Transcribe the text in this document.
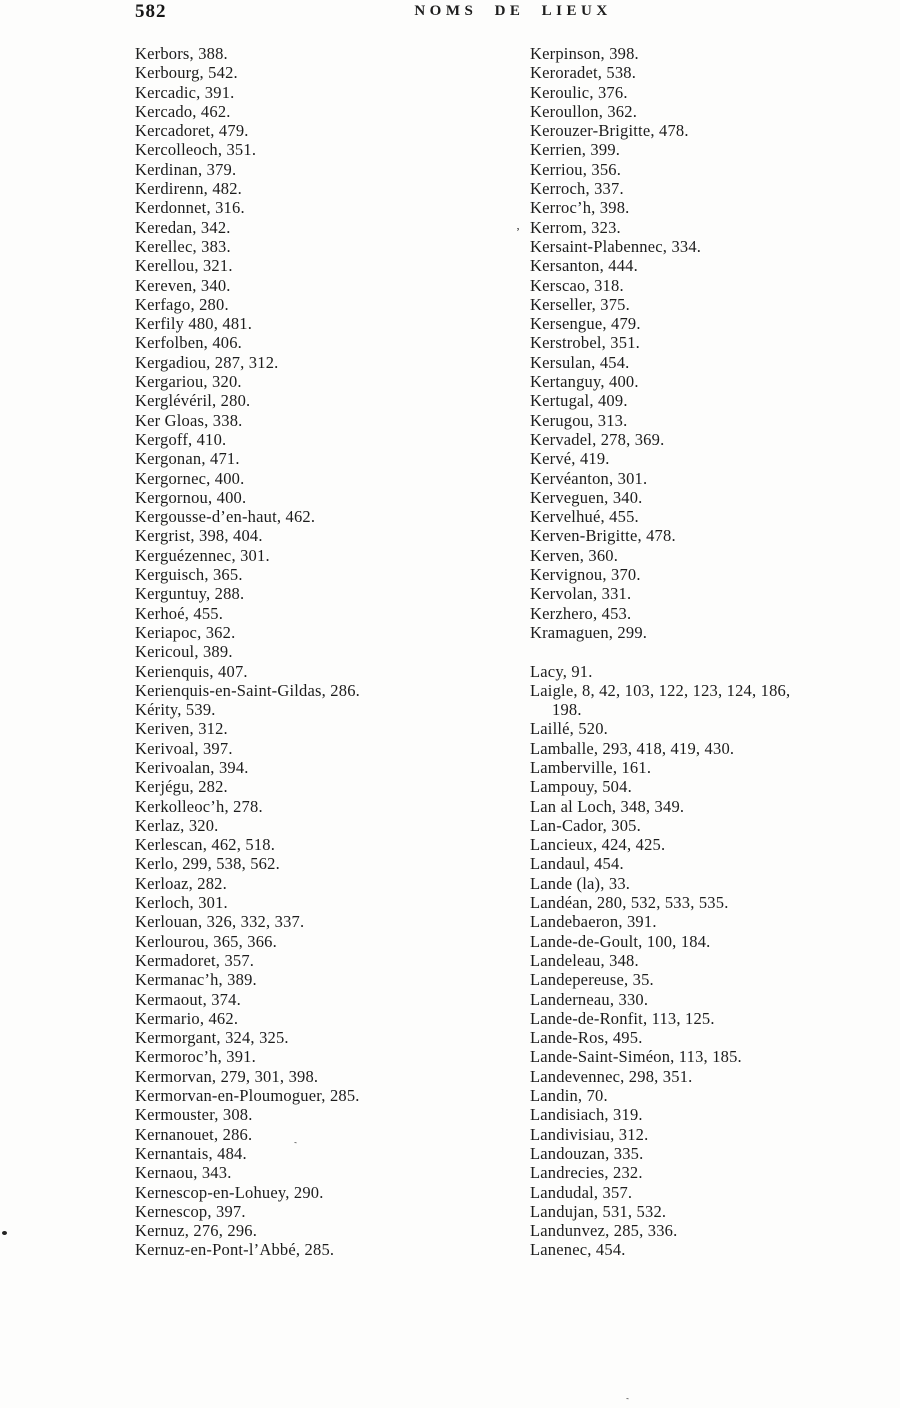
582	NOMS DE LIEUX
Kerbors, 388.
Kerbourg, 542.
Kercadic, 391.
Kercado, 462.
Kercadoret, 479.
Kercolleoch, 351.
Kerdinan, 379.
Kerdirenn, 482.
Kerdonnet, 316.
Keredan, 342.
Kerellec, 383.
Kerellou, 321.
Kereven, 340.
Kerfago, 280.
Kerfily 480, 481.
Kerfolben, 406.
Kergadiou, 287, 312.
Kergariou, 320.
Kerglévéril, 280.
Ker Gloas, 338.
Kergoff, 410.
Kergonan, 471.
Kergornec, 400.
Kergornou, 400.
Kergousse-d’en-haut, 462.
Kergrist, 398, 404.
Kerguézennec, 301.
Kerguisch, 365.
Kerguntuy, 288.
Kerhoé, 455.
Keriapoc, 362.
Kericoul, 389.
Kerienquis, 407.
Kerienquis-en-Saint-Gildas, 286.
Kérity, 539.
Keriven, 312.
Kerivoal, 397.
Kerivoalan, 394.
Kerjégu, 282.
Kerkolleoc’h, 278.
Kerlaz, 320.
Kerlescan, 462, 518.
Kerlo, 299, 538, 562.
Kerloaz, 282.
Kerloch, 301.
Kerlouan, 326, 332, 337.
Kerlourou, 365, 366.
Kermadoret, 357.
Kermanac’h, 389.
Kermaout, 374.
Kermario, 462.
Kermorgant, 324, 325.
Kermoroc’h, 391.
Kermorvan, 279, 301, 398.
Kermorvan-en-Ploumoguer, 285.
Kermouster, 308.
Kernanouet, 286.
Kernantais, 484.
Kernaou, 343.
Kernescop-en-Lohuey, 290.
Kernescop, 397.
Kernuz, 276, 296.
Kernuz-en-Pont-l’Abbé, 285.
Kerpinson, 398.
Keroradet, 538.
Keroulic, 376.
Keroullon, 362.
Kerouzer-Brigitte, 478.
Kerrien, 399.
Kerriou, 356.
Kerroch, 337.
Kerroc’h, 398.
Kerrom, 323.
Kersaint-Plabennec, 334.
Kersanton, 444.
Kerscao, 318.
Kerseller, 375.
Kersengue, 479.
Kerstrobel, 351.
Kersulan, 454.
Kertanguy, 400.
Kertugal, 409.
Kerugou, 313.
Kervadel, 278, 369.
Kervé, 419.
Kervéanton, 301.
Kerveguen, 340.
Kervelhué, 455.
Kerven-Brigitte, 478.
Kerven, 360.
Kervignou, 370.
Kervolan, 331.
Kerzhero, 453.
Kramaguen, 299.
Lacy, 91.
Laigle, 8, 42, 103, 122, 123, 124, 186,
198.
Laillé, 520.
Lamballe, 293, 418, 419, 430.
Lamberville, 161.
Lampouy, 504.
Lan al Loch, 348, 349.
Lan-Cador, 305.
Lancieux, 424, 425.
Landaul, 454.
Lande (la), 33.
Landéan, 280, 532, 533, 535.
Landebaeron, 391.
Lande-de-Goult, 100, 184.
Landeleau, 348.
Landepereuse, 35.
Landerneau, 330.
Lande-de-Ronfit, 113, 125.
Lande-Ros, 495.
Lande-Saint-Siméon, 113, 185.
Landevennec, 298, 351.
Landin, 70.
Landisiach, 319.
Landivisiau, 312.
Landouzan, 335.
Landrecies, 232.
Landudal, 357.
Landujan, 531, 532.
Landunvez, 285, 336.
Lanenec, 454.
‚
ˋ
`
